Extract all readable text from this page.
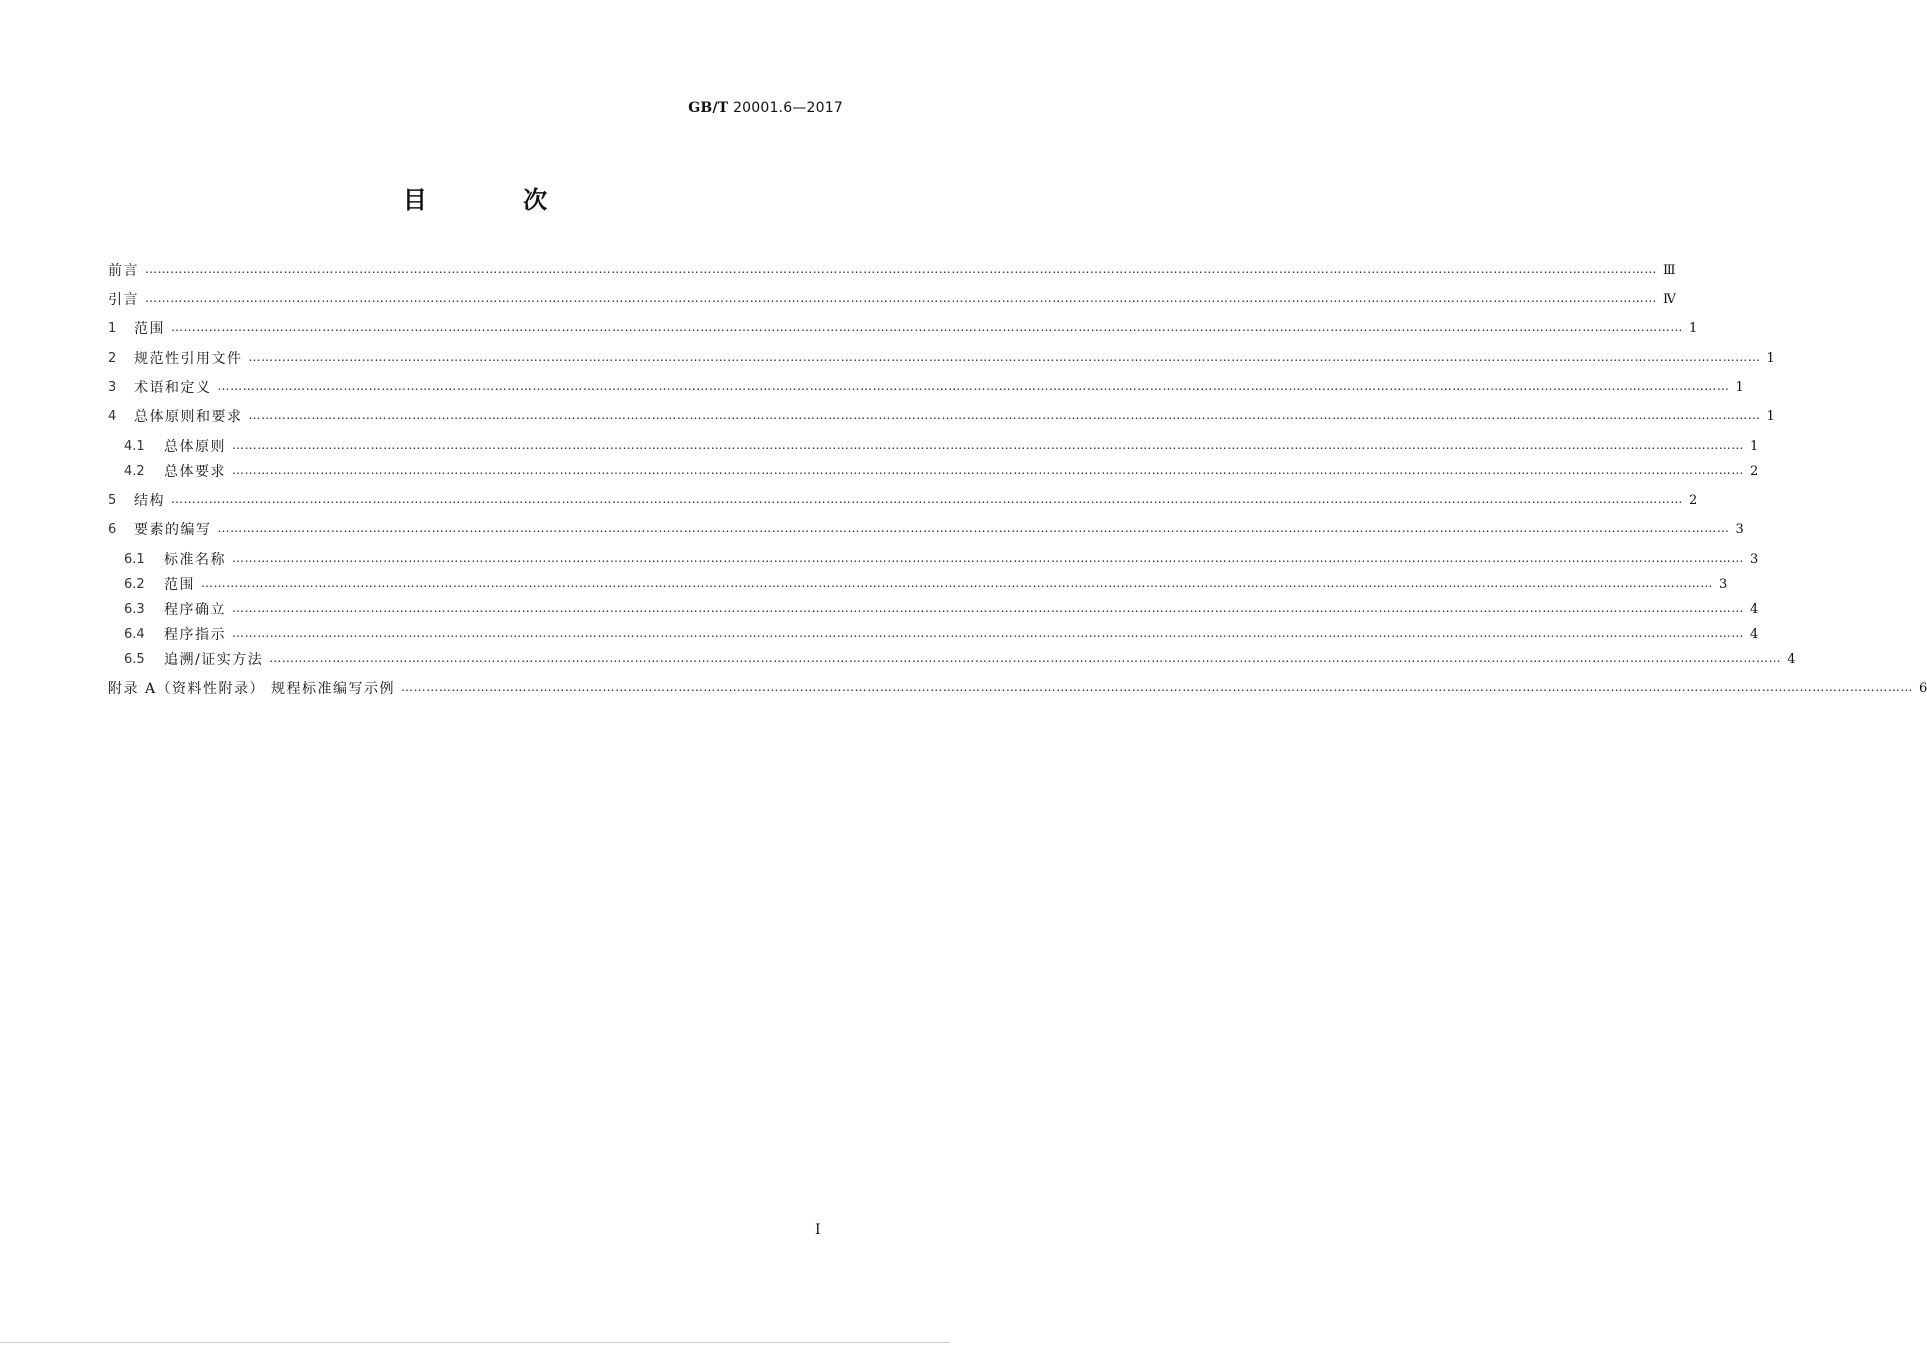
GB/T 20001.6—2017
目 次
前言 ……………………………………………………………………………………………………………………………………………………………………………………………………………………………………………………………………………………………………………………………… Ⅲ
引言 ……………………………………………………………………………………………………………………………………………………………………………………………………………………………………………………………………………………………………………………………… Ⅳ
1	范围 ……………………………………………………………………………………………………………………………………………………………………………………………………………………………………………………………………………………………………………………………… 1
2	规范性引用文件 ……………………………………………………………………………………………………………………………………………………………………………………………………………………………………………………………………………………………………………………………… 1
3	术语和定义 ……………………………………………………………………………………………………………………………………………………………………………………………………………………………………………………………………………………………………………………………… 1
4	总体原则和要求 ……………………………………………………………………………………………………………………………………………………………………………………………………………………………………………………………………………………………………………………………… 1
4.1	总体原则 ……………………………………………………………………………………………………………………………………………………………………………………………………………………………………………………………………………………………………………………………… 1
4.2	总体要求 ……………………………………………………………………………………………………………………………………………………………………………………………………………………………………………………………………………………………………………………………… 2
5	结构 ……………………………………………………………………………………………………………………………………………………………………………………………………………………………………………………………………………………………………………………………… 2
6	要素的编写 ……………………………………………………………………………………………………………………………………………………………………………………………………………………………………………………………………………………………………………………………… 3
6.1	标准名称 ……………………………………………………………………………………………………………………………………………………………………………………………………………………………………………………………………………………………………………………………… 3
6.2	范围 ……………………………………………………………………………………………………………………………………………………………………………………………………………………………………………………………………………………………………………………………… 3
6.3	程序确立 ……………………………………………………………………………………………………………………………………………………………………………………………………………………………………………………………………………………………………………………………… 4
6.4	程序指示 ……………………………………………………………………………………………………………………………………………………………………………………………………………………………………………………………………………………………………………………………… 4
6.5	追溯/证实方法 ……………………………………………………………………………………………………………………………………………………………………………………………………………………………………………………………………………………………………………………………… 4
附录 A（资料性附录） 规程标准编写示例 ……………………………………………………………………………………………………………………………………………………………………………………………………………………………………………………………………………………………………………………………… 6
Ⅰ
